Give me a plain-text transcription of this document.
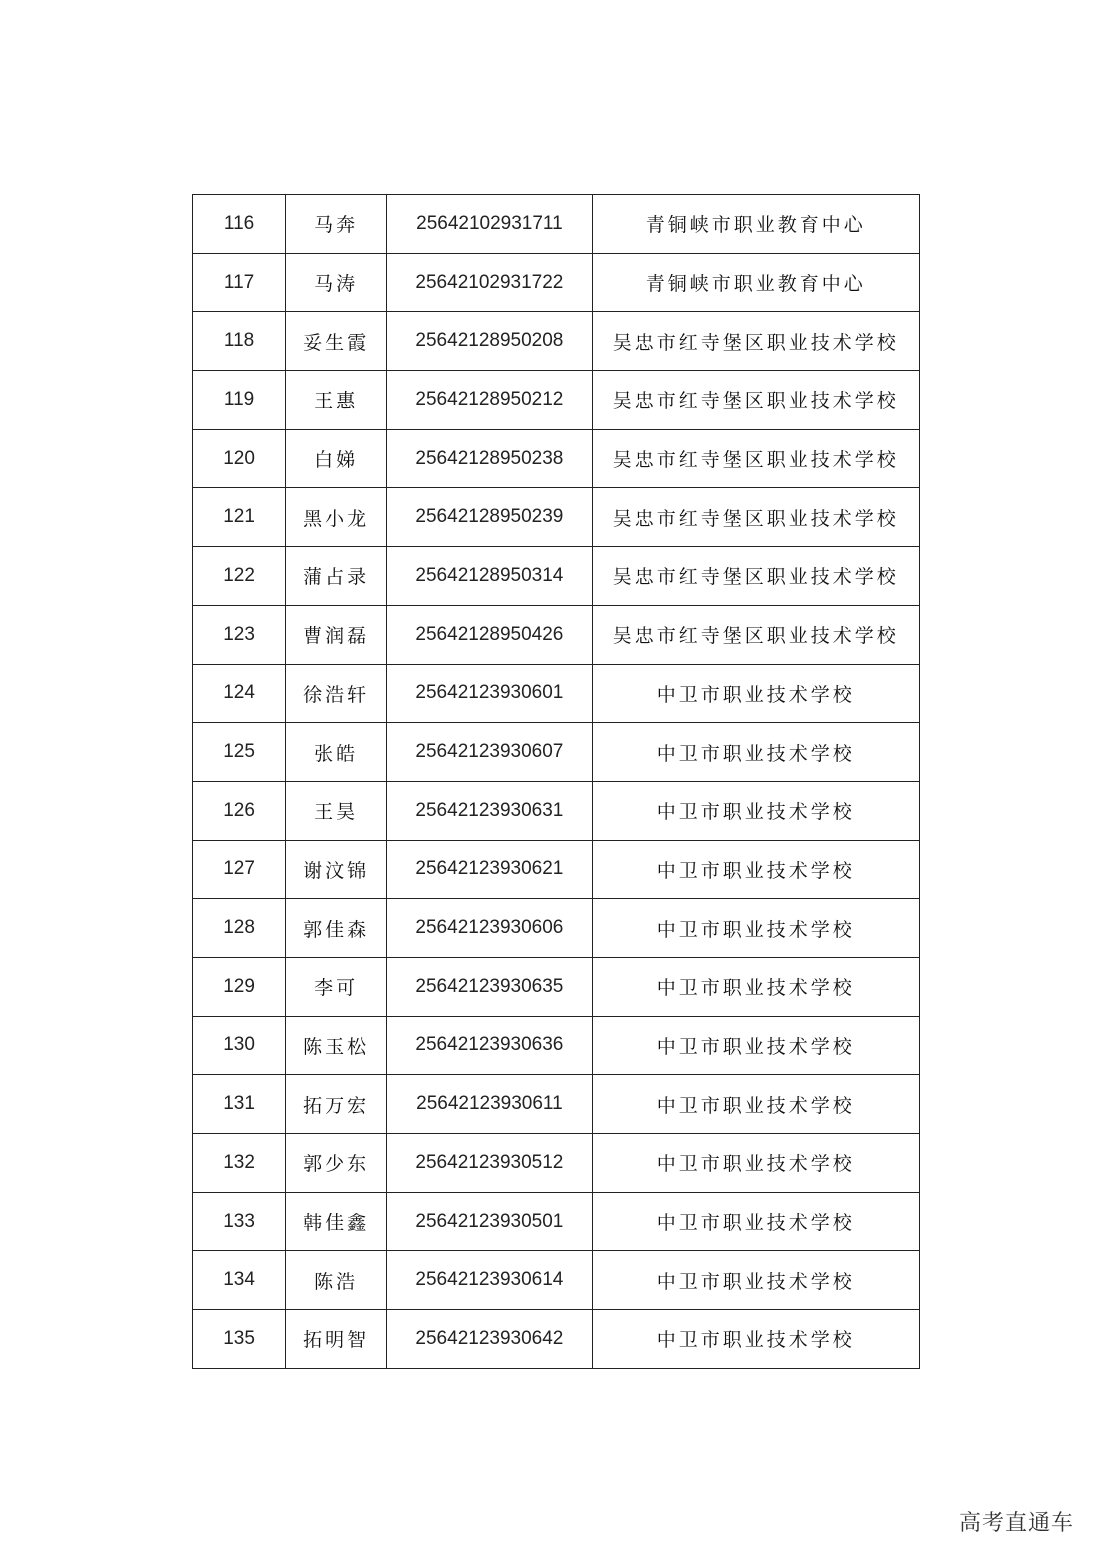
116	马奔	25642102931711	青铜峡市职业教育中心
117	马涛	25642102931722	青铜峡市职业教育中心
118	妥生霞	25642128950208	吴忠市红寺堡区职业技术学校
119	王惠	25642128950212	吴忠市红寺堡区职业技术学校
120	白娣	25642128950238	吴忠市红寺堡区职业技术学校
121	黑小龙	25642128950239	吴忠市红寺堡区职业技术学校
122	蒲占录	25642128950314	吴忠市红寺堡区职业技术学校
123	曹润磊	25642128950426	吴忠市红寺堡区职业技术学校
124	徐浩轩	25642123930601	中卫市职业技术学校
125	张皓	25642123930607	中卫市职业技术学校
126	王昊	25642123930631	中卫市职业技术学校
127	谢汶锦	25642123930621	中卫市职业技术学校
128	郭佳森	25642123930606	中卫市职业技术学校
129	李可	25642123930635	中卫市职业技术学校
130	陈玉松	25642123930636	中卫市职业技术学校
131	拓万宏	25642123930611	中卫市职业技术学校
132	郭少东	25642123930512	中卫市职业技术学校
133	韩佳鑫	25642123930501	中卫市职业技术学校
134	陈浩	25642123930614	中卫市职业技术学校
135	拓明智	25642123930642	中卫市职业技术学校
高考直通车
